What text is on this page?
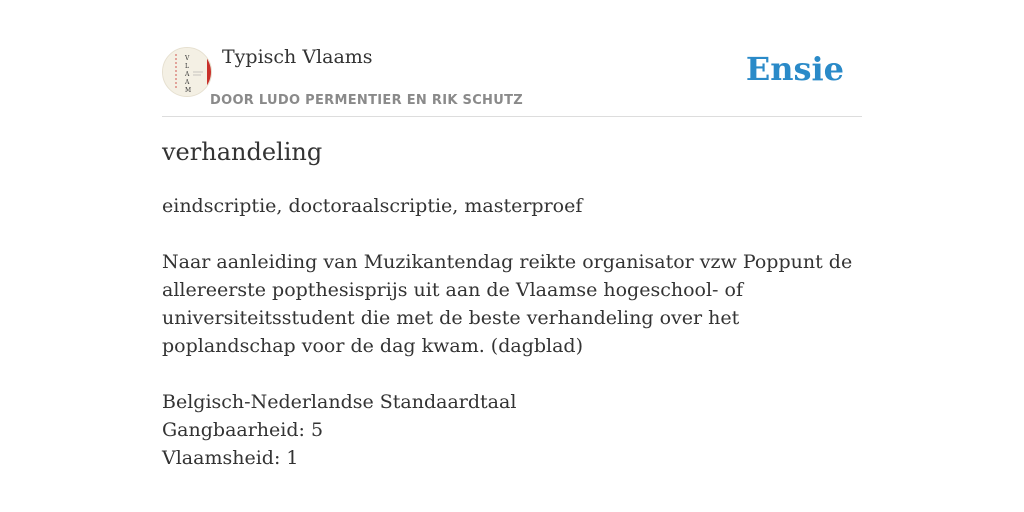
V
L
A
A
M
Typisch Vlaams
DOOR LUDO PERMENTIER EN RIK SCHUTZ
Ensie
verhandeling

eindscriptie, doctoraalscriptie, masterproef

Naar aanleiding van Muzikantendag reikte organisator vzw Poppunt de allereerste popthesisprijs uit aan de Vlaamse hogeschool- of universiteitsstudent die met de beste verhandeling over het poplandschap voor de dag kwam. (dagblad)

Belgisch-Nederlandse Standaardtaal

Gangbaarheid: 5

Vlaamsheid: 1
